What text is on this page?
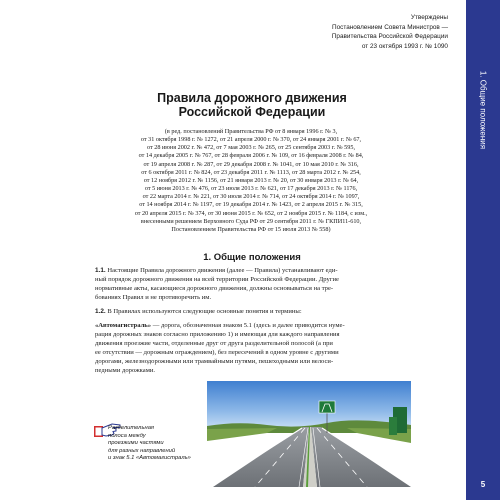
1. Общие положения
5
Утверждены
Постановлением Совета Министров —
Правительства Российской Федерации
от 23 октября 1993 г. № 1090
Правила дорожного движения
Российской Федерации
(в ред. постановлений Правительства РФ от 8 января 1996 г. № 3,
от 31 октября 1998 г. № 1272, от 21 апреля 2000 г. № 370, от 24 января 2001 г. № 67,
от 28 июня 2002 г. № 472, от 7 мая 2003 г. № 265, от 25 сентября 2003 г. № 595,
от 14 декабря 2005 г. № 767, от 28 февраля 2006 г. № 109, от 16 февраля 2008 г. № 84,
от 19 апреля 2008 г. № 287, от 29 декабря 2008 г. № 1041, от 10 мая 2010 г. № 316,
от 6 октября 2011 г. № 824, от 23 декабря 2011 г. № 1113, от 28 марта 2012 г. № 254,
от 12 ноября 2012 г. № 1156, от 21 января 2013 г. № 20, от 30 января 2013 г. № 64,
от 5 июня 2013 г. № 476, от 23 июля 2013 г. № 621, от 17 декабря 2013 г. № 1176,
от 22 марта 2014 г. № 221, от 30 июля 2014 г. № 714, от 24 октября 2014 г. № 1097,
от 14 ноября 2014 г. № 1197, от 19 декабря 2014 г. № 1423, от 2 апреля 2015 г. № 315,
от 20 апреля 2015 г. № 374, от 30 июня 2015 г. № 652, от 2 ноября 2015 г. № 1184, с изм.,
внесенными решением Верховного Суда РФ от 29 сентября 2011 г. № ГКПИ11-610,
Постановлением Правительства РФ от 15 июля 2013 № 558)
1. Общие положения
1.1. Настоящие Правила дорожного движения (далее — Правила) устанавливают еди-
ный порядок дорожного движения на всей территории Российской Федерации. Другие
нормативные акты, касающиеся дорожного движения, должны основываться на тре-
бованиях Правил и не противоречить им.
1.2. В Правилах используются следующие основные понятия и термины:
«Автомагистраль» — дорога, обозначенная знаком 5.1 (здесь и далее приводится нуме-
рация дорожных знаков согласно приложению 1) и имеющая для каждого направления
движения проезжие части, отделенные друг от друга разделительной полосой (а при
ее отсутствии — дорожным ограждением), без пересечений в одном уровне с другими
дорогами, железнодорожными или трамвайными путями, пешеходными или велоси-
педными дорожками.
Разделительная
полоса между
проезжими частями
для разных направлений
и знак 5.1 «Автомагистраль»
